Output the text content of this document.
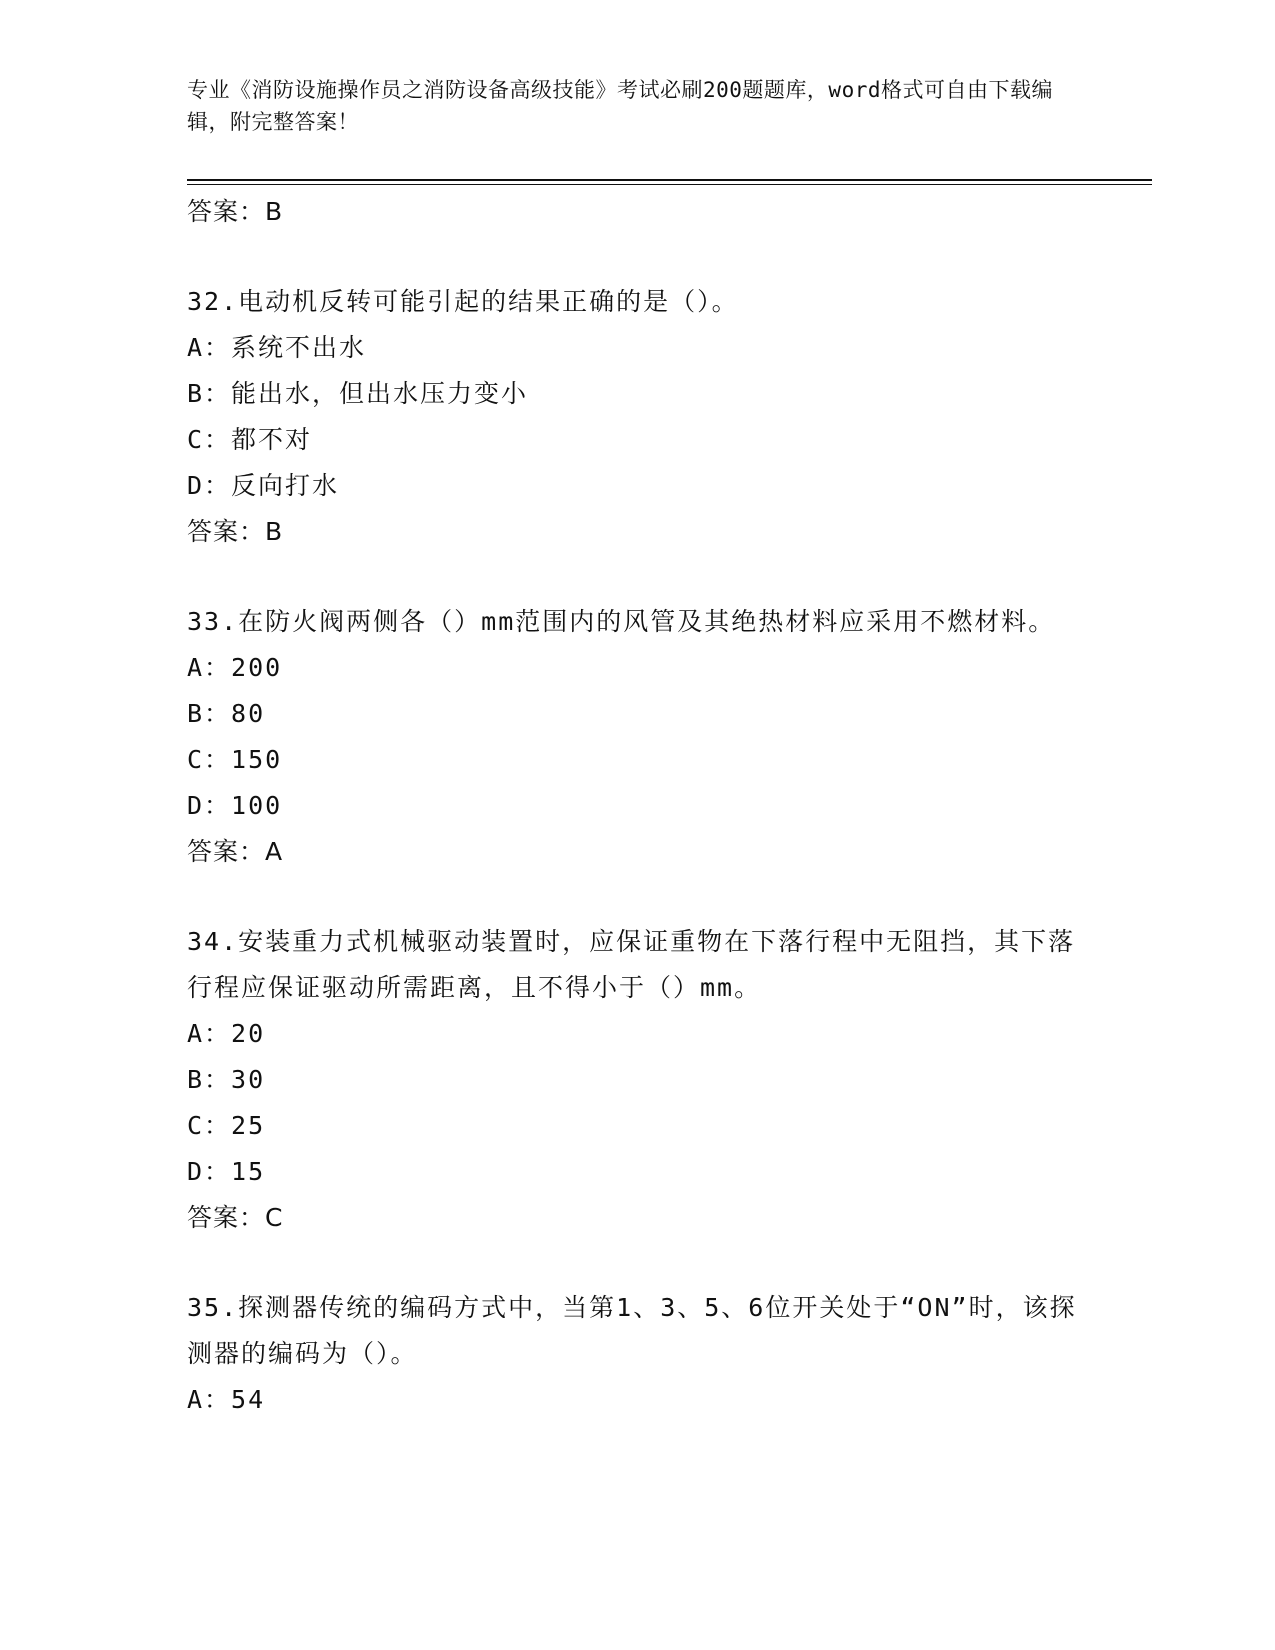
专业《消防设施操作员之消防设备高级技能》考试必刷200题题库，word格式可自由下载编辑，附完整答案！
答案：B
32.电动机反转可能引起的结果正确的是（）。
A：系统不出水
B：能出水，但出水压力变小
C：都不对
D：反向打水
答案：B
33.在防火阀两侧各（）mm范围内的风管及其绝热材料应采用不燃材料。
A：200
B：80
C：150
D：100
答案：A
34.安装重力式机械驱动装置时，应保证重物在下落行程中无阻挡，其下落行程应保证驱动所需距离，且不得小于（）mm。
A：20
B：30
C：25
D：15
答案：C
35.探测器传统的编码方式中，当第1、3、5、6位开关处于“ON”时，该探测器的编码为（）。
A：54
